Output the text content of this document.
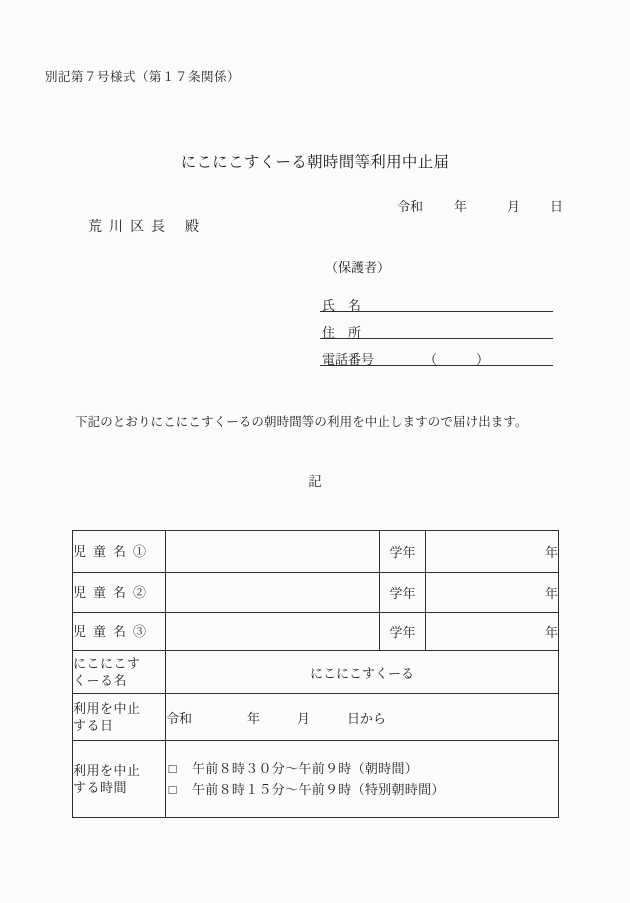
別記第７号様式（第１７条関係）
にこにこすくーる朝時間等利用中止届
令和 年	月 日
荒川区長 殿
（保護者）
氏　名
住　所
電話番号	（　　　）
下記のとおりにこにこすくーるの朝時間等の利用を中止しますので届け出ます。
記
児童名①		学年	年
児童名②		学年	年
児童名③		学年	年
にこにこすくーる名	にこにこすくーる		
利用を中止する日	令和 年 月 日から		
利用を中止する時間	□ 午前８時３０分～午前９時（朝時間）
□ 午前８時１５分～午前９時（特別朝時間）		
